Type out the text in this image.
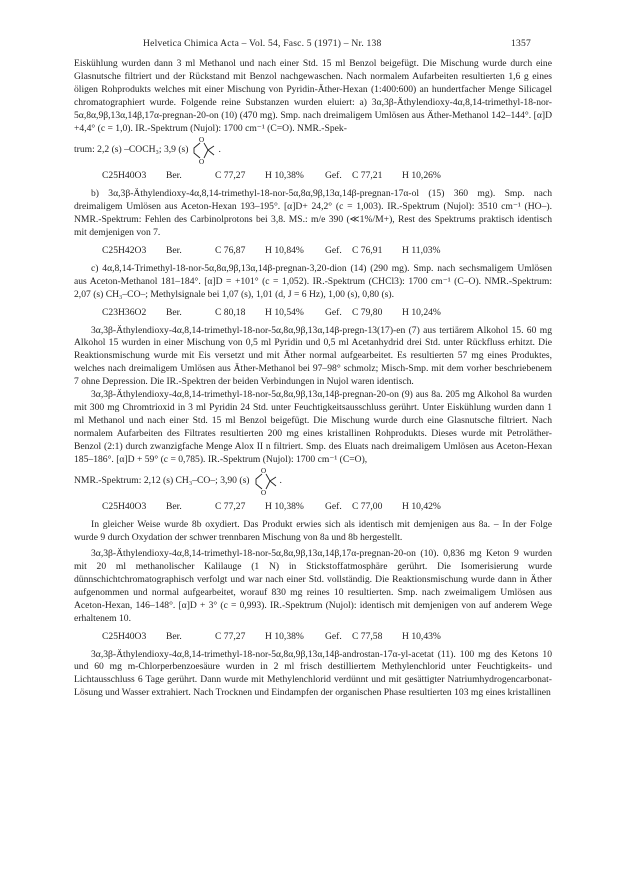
Helvetica Chimica Acta – Vol. 54, Fasc. 5 (1971) – Nr. 138	1357

Eiskühlung wurden dann 3 ml Methanol und nach einer Std. 15 ml Benzol beigefügt. Die Mischung wurde durch eine Glasnutsche filtriert und der Rückstand mit Benzol nachgewaschen. Nach normalem Aufarbeiten resultierten 1,6 g eines öligen Rohprodukts welches mit einer Mischung von Pyridin-Äther-Hexan (1:400:600) an hundertfacher Menge Silicagel chromatographiert wurde. Folgende reine Substanzen wurden eluiert: a) 3α,3β-Äthylendioxy-4α,8,14-trimethyl-18-nor-5α,8α,9β,13α,14β,17α-pregnan-20-on (10) (470 mg). Smp. nach dreimaligem Umlösen aus Äther-Methanol 142–144°. [α]D +4,4° (c = 1,0). IR.-Spektrum (Nujol): 1700 cm⁻¹ (C=O). NMR.-Spek-

trum: 2,2 (s) –COCH₃; 3,9 (s)
O
O
.
C25H40O3 Ber.	C 77,27 H 10,38% Gef. C 77,21 H 10,26%

b) 3α,3β-Äthylendioxy-4α,8,14-trimethyl-18-nor-5α,8α,9β,13α,14β-pregnan-17α-ol (15) 360 mg). Smp. nach dreimaligem Umlösen aus Aceton-Hexan 193–195°. [α]D+ 24,2° (c = 1,003). IR.-Spektrum (Nujol): 3510 cm⁻¹ (HO–). NMR.-Spektrum: Fehlen des Carbinolprotons bei 3,8. MS.: m/e 390 (≪1%/M+), Rest des Spektrums praktisch identisch mit demjenigen von 7.

C25H42O3 Ber.	C 76,87 H 10,84% Gef. C 76,91 H 11,03%

c) 4α,8,14-Trimethyl-18-nor-5α,8α,9β,13α,14β-pregnan-3,20-dion (14) (290 mg). Smp. nach sechsmaligem Umlösen aus Aceton-Methanol 181–184°. [α]D = +101° (c = 1,052). IR.-Spektrum (CHCl3): 1700 cm⁻¹ (C–O). NMR.-Spektrum: 2,07 (s) CH₃–CO–; Methylsignale bei 1,07 (s), 1,01 (d, J = 6 Hz), 1,00 (s), 0,80 (s).

C23H36O2 Ber.	C 80,18 H 10,54% Gef. C 79,80 H 10,24%

3α,3β-Äthylendioxy-4α,8,14-trimethyl-18-nor-5α,8α,9β,13α,14β-pregn-13(17)-en (7) aus tertiärem Alkohol 15. 60 mg Alkohol 15 wurden in einer Mischung von 0,5 ml Pyridin und 0,5 ml Acetanhydrid drei Std. unter Rückfluss erhitzt. Die Reaktionsmischung wurde mit Eis versetzt und mit Äther normal aufgearbeitet. Es resultierten 57 mg eines Produktes, welches nach dreimaligem Umlösen aus Äther-Methanol bei 97–98° schmolz; Misch-Smp. mit dem vorher beschriebenem 7 ohne Depression. Die IR.-Spektren der beiden Verbindungen in Nujol waren identisch.

3α,3β-Äthylendioxy-4α,8,14-trimethyl-18-nor-5α,8α,9β,13α,14β-pregnan-20-on (9) aus 8a. 205 mg Alkohol 8a wurden mit 300 mg Chromtrioxid in 3 ml Pyridin 24 Std. unter Feuchtigkeitsausschluss gerührt. Unter Eiskühlung wurden dann 1 ml Methanol und nach einer Std. 15 ml Benzol beigefügt. Die Mischung wurde durch eine Glasnutsche filtriert. Nach normalem Aufarbeiten des Filtrates resultierten 200 mg eines kristallinen Rohprodukts. Dieses wurde mit Petroläther-Benzol (2:1) durch zwanzigfache Menge Alox II n filtriert. Smp. des Eluats nach dreimaligem Umlösen aus Aceton-Hexan 185–186°. [α]D + 59° (c = 0,785). IR.-Spektrum (Nujol): 1700 cm⁻¹ (C=O),

NMR.-Spektrum: 2,12 (s) CH₃–CO–; 3,90 (s)
O
O
.
C25H40O3 Ber.	C 77,27 H 10,38% Gef. C 77,00 H 10,42%

In gleicher Weise wurde 8b oxydiert. Das Produkt erwies sich als identisch mit demjenigen aus 8a. – In der Folge wurde 9 durch Oxydation der schwer trennbaren Mischung von 8a und 8b hergestellt.

3α,3β-Äthylendioxy-4α,8,14-trimethyl-18-nor-5α,8α,9β,13α,14β,17α-pregnan-20-on (10). 0,836 mg Keton 9 wurden mit 20 ml methanolischer Kalilauge (1 N) in Stickstoffatmosphäre gerührt. Die Isomerisierung wurde dünnschichtchromatographisch verfolgt und war nach einer Std. vollständig. Die Reaktionsmischung wurde dann in Äther aufgenommen und normal aufgearbeitet, worauf 830 mg reines 10 resultierten. Smp. nach zweimaligem Umlösen aus Aceton-Hexan, 146–148°. [α]D + 3° (c = 0,993). IR.-Spektrum (Nujol): identisch mit demjenigen von auf anderem Wege erhaltenem 10.

C25H40O3 Ber.	C 77,27 H 10,38% Gef. C 77,58 H 10,43%

3α,3β-Äthylendioxy-4α,8,14-trimethyl-18-nor-5α,8α,9β,13α,14β-androstan-17α-yl-acetat (11). 100 mg des Ketons 10 und 60 mg m-Chlorperbenzoesäure wurden in 2 ml frisch destilliertem Methylenchlorid unter Feuchtigkeits- und Lichtausschluss 6 Tage gerührt. Dann wurde mit Methylenchlorid verdünnt und mit gesättigter Natriumhydrogencarbonat-Lösung und Wasser extrahiert. Nach Trocknen und Eindampfen der organischen Phase resultierten 103 mg eines kristallinen
